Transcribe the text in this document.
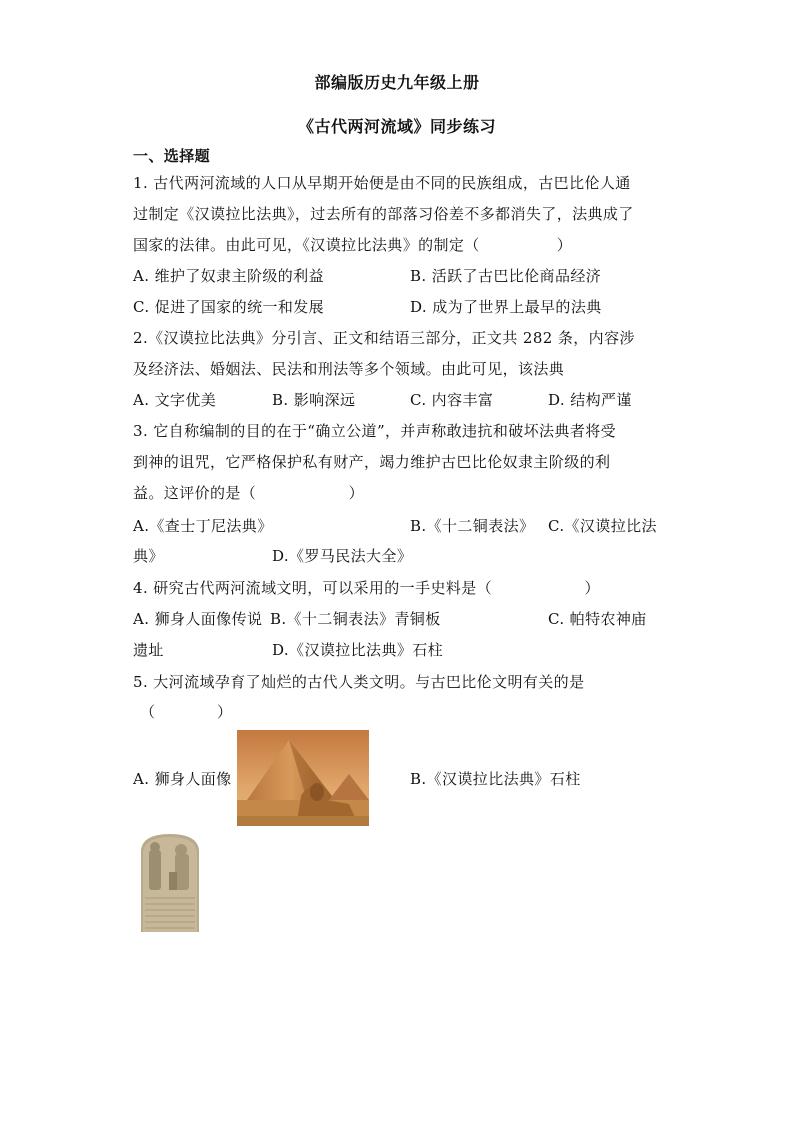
部编版历史九年级上册
《古代两河流域》同步练习
一、选择题
1. 古代两河流域的人口从早期开始便是由不同的民族组成，古巴比伦人通
过制定《汉谟拉比法典》，过去所有的部落习俗差不多都消失了，法典成了
国家的法律。由此可见，《汉谟拉比法典》的制定（　　　　　）
A. 维护了奴隶主阶级的利益	B. 活跃了古巴比伦商品经济
C. 促进了国家的统一和发展	D. 成为了世界上最早的法典
2.《汉谟拉比法典》分引言、正文和结语三部分，正文共 282 条，内容涉
及经济法、婚姻法、民法和刑法等多个领域。由此可见，该法典
A. 文字优美	B. 影响深远	C. 内容丰富	D. 结构严谨
3. 它自称编制的目的在于“确立公道”，并声称敢违抗和破坏法典者将受
到神的诅咒，它严格保护私有财产，竭力维护古巴比伦奴隶主阶级的利
益。这评价的是（　　　　　　）
A.《查士丁尼法典》	B.《十二铜表法》 C.《汉谟拉比法
典》	D.《罗马民法大全》
4. 研究古代两河流域文明，可以采用的一手史料是（　　　　　　）
A. 狮身人面像传说 B.《十二铜表法》青铜板	C. 帕特农神庙
遗址	D.《汉谟拉比法典》石柱
5. 大河流域孕育了灿烂的古代人类文明。与古巴比伦文明有关的是
（　　　　）
A. 狮身人面像	B.《汉谟拉比法典》石柱
